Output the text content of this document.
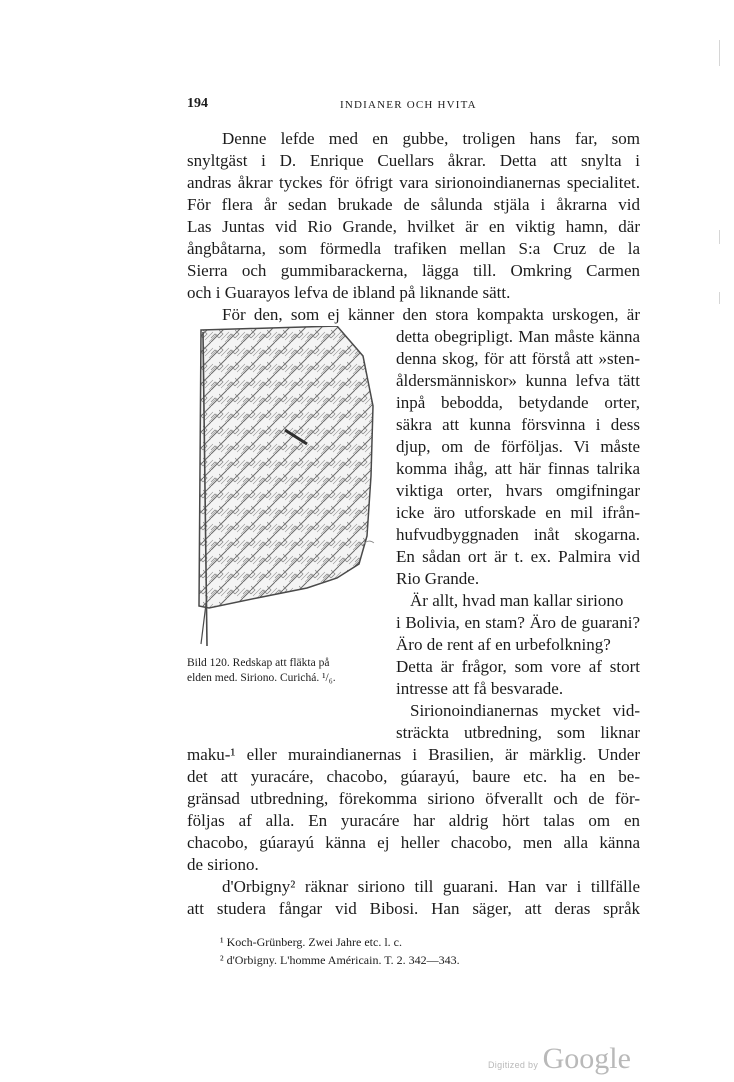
194	INDIANER OCH HVITA
Denne lefde med en gubbe, troligen hans far, som
snyltgäst i D. Enrique Cuellars åkrar. Detta att snylta i
andras åkrar tyckes för öfrigt vara sirionoindianernas specialitet.
För flera år sedan brukade de sålunda stjäla i åkrarna vid
Las Juntas vid Rio Grande, hvilket är en viktig hamn, där
ångbåtarna, som förmedla trafiken mellan S:a Cruz de la
Sierra och gummibarackerna, lägga till. Omkring Carmen
och i Guarayos lefva de ibland på liknande sätt.
För den, som ej känner den stora kompakta urskogen, är
detta obegripligt. Man måste känna
denna skog, för att förstå att »sten-
åldersmänniskor» kunna lefva tätt
inpå bebodda, betydande orter,
säkra att kunna försvinna i dess
djup, om de förföljas. Vi måste
komma ihåg, att här finnas talrika
viktiga orter, hvars omgifningar
icke äro utforskade en mil ifrån-
hufvudbyggnaden inåt skogarna.
En sådan ort är t. ex. Palmira vid
Rio Grande.
Är allt, hvad man kallar siriono
i Bolivia, en stam? Äro de guarani?
Äro de rent af en urbefolkning?
Detta är frågor, som vore af stort
intresse att få besvarade.
Sirionoindianernas mycket vid-
sträckta utbredning, som liknar
maku-¹ eller muraindianernas i Brasilien, är märklig. Under
det att yuracáre, chacobo, gúarayú, baure etc. ha en be-
gränsad utbredning, förekomma siriono öfverallt och de för-
följas af alla. En yuracáre har aldrig hört talas om en
chacobo, gúarayú känna ej heller chacobo, men alla känna
de siriono.
d'Orbigny² räknar siriono till guarani. Han var i tillfälle
att studera fångar vid Bibosi. Han säger, att deras språk
Bild 120. Redskap att fläkta på
elden med. Siriono. Curichá. ¹/₆.
¹ Koch-Grünberg. Zwei Jahre etc. l. c.
² d'Orbigny. L'homme Américain. T. 2. 342—343.
Digitized by Google
